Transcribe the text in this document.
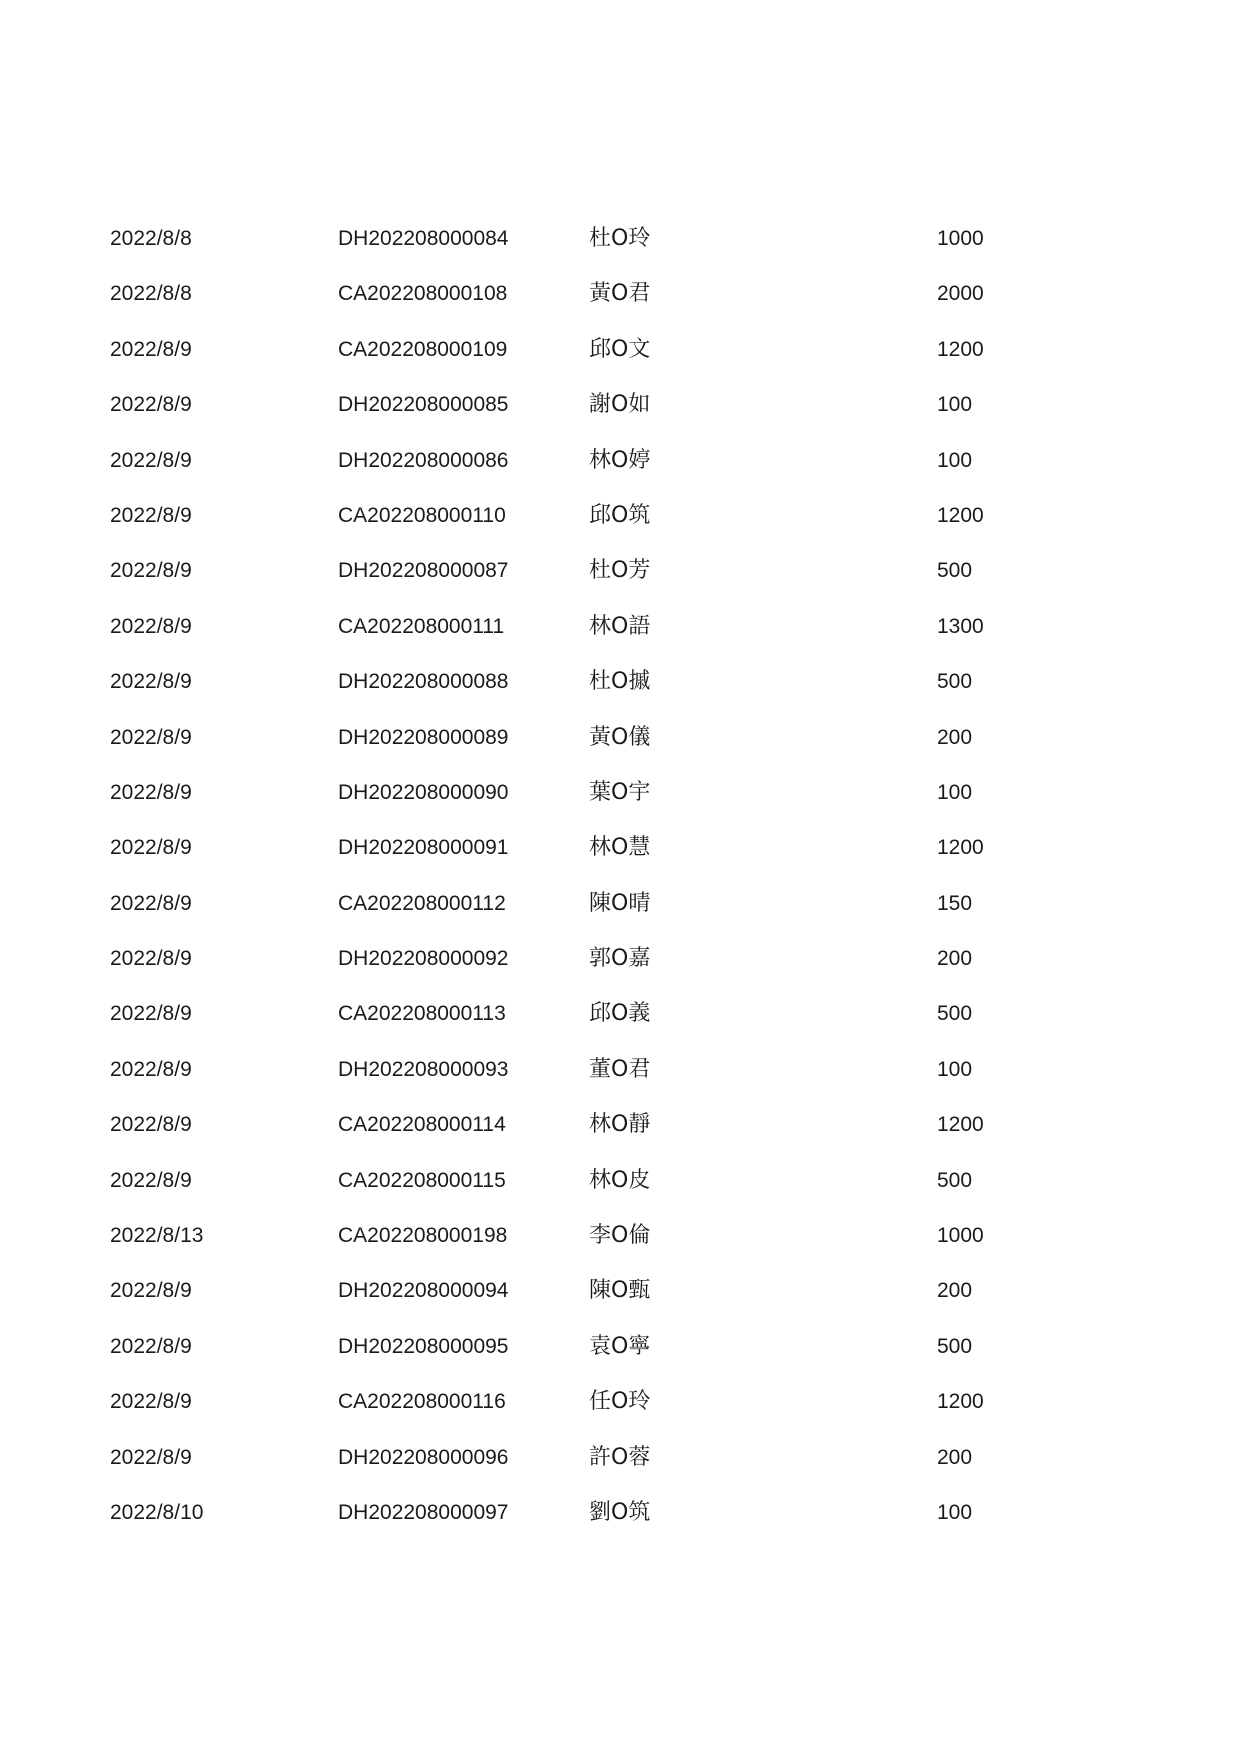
2022/8/8	DH202208000084	杜O玲	1000
2022/8/8	CA202208000108	黃O君	2000
2022/8/9	CA202208000109	邱O文	1200
2022/8/9	DH202208000085	謝O如	100
2022/8/9	DH202208000086	林O婷	100
2022/8/9	CA202208000110	邱O筑	1200
2022/8/9	DH202208000087	杜O芳	500
2022/8/9	CA202208000111	林O語	1300
2022/8/9	DH202208000088	杜O摵	500
2022/8/9	DH202208000089	黃O儀	200
2022/8/9	DH202208000090	葉O宇	100
2022/8/9	DH202208000091	林O慧	1200
2022/8/9	CA202208000112	陳O晴	150
2022/8/9	DH202208000092	郭O嘉	200
2022/8/9	CA202208000113	邱O義	500
2022/8/9	DH202208000093	董O君	100
2022/8/9	CA202208000114	林O靜	1200
2022/8/9	CA202208000115	林O皮	500
2022/8/13	CA202208000198	李O倫	1000
2022/8/9	DH202208000094	陳O甄	200
2022/8/9	DH202208000095	袁O寧	500
2022/8/9	CA202208000116	任O玲	1200
2022/8/9	DH202208000096	許O蓉	200
2022/8/10	DH202208000097	劉O筑	100
